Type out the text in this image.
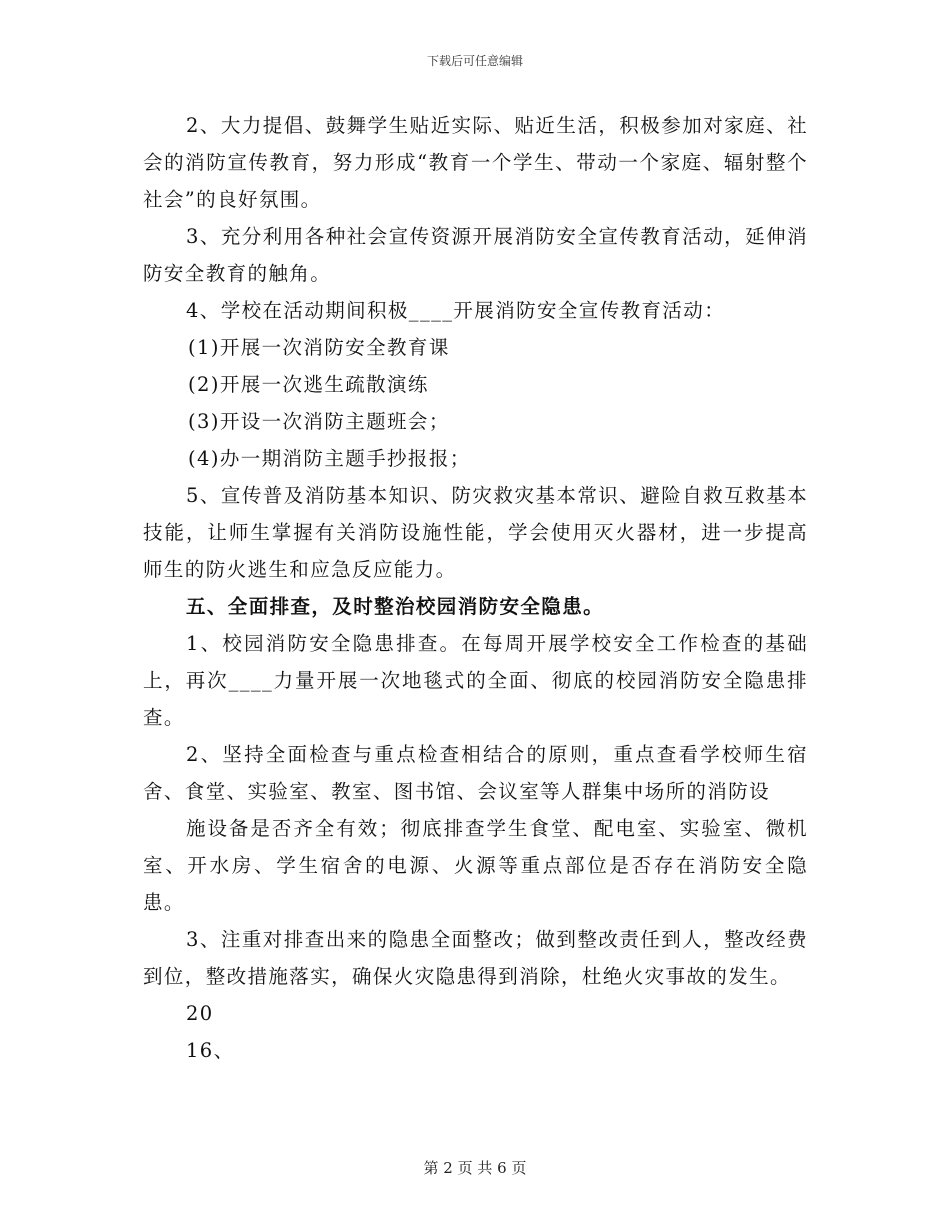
下载后可任意编辑

2、大力提倡、鼓舞学生贴近实际、贴近生活，积极参加对家庭、社会的消防宣传教育，努力形成“教育一个学生、带动一个家庭、辐射整个社会”的良好氛围。

3、充分利用各种社会宣传资源开展消防安全宣传教育活动，延伸消防安全教育的触角。

4、学校在活动期间积极____开展消防安全宣传教育活动：

(1)开展一次消防安全教育课

(2)开展一次逃生疏散演练

(3)开设一次消防主题班会；

(4)办一期消防主题手抄报报；

5、宣传普及消防基本知识、防灾救灾基本常识、避险自救互救基本技能，让师生掌握有关消防设施性能，学会使用灭火器材，进一步提高师生的防火逃生和应急反应能力。

五、全面排查，及时整治校园消防安全隐患。

1、校园消防安全隐患排查。在每周开展学校安全工作检查的基础上，再次____力量开展一次地毯式的全面、彻底的校园消防安全隐患排查。

2、坚持全面检查与重点检查相结合的原则，重点查看学校师生宿舍、食堂、实验室、教室、图书馆、会议室等人群集中场所的消防设

施设备是否齐全有效；彻底排查学生食堂、配电室、实验室、微机室、开水房、学生宿舍的电源、火源等重点部位是否存在消防安全隐患。

3、注重对排查出来的隐患全面整改；做到整改责任到人，整改经费到位，整改措施落实，确保火灾隐患得到消除，杜绝火灾事故的发生。

20

16、

第 2 页 共 6 页
